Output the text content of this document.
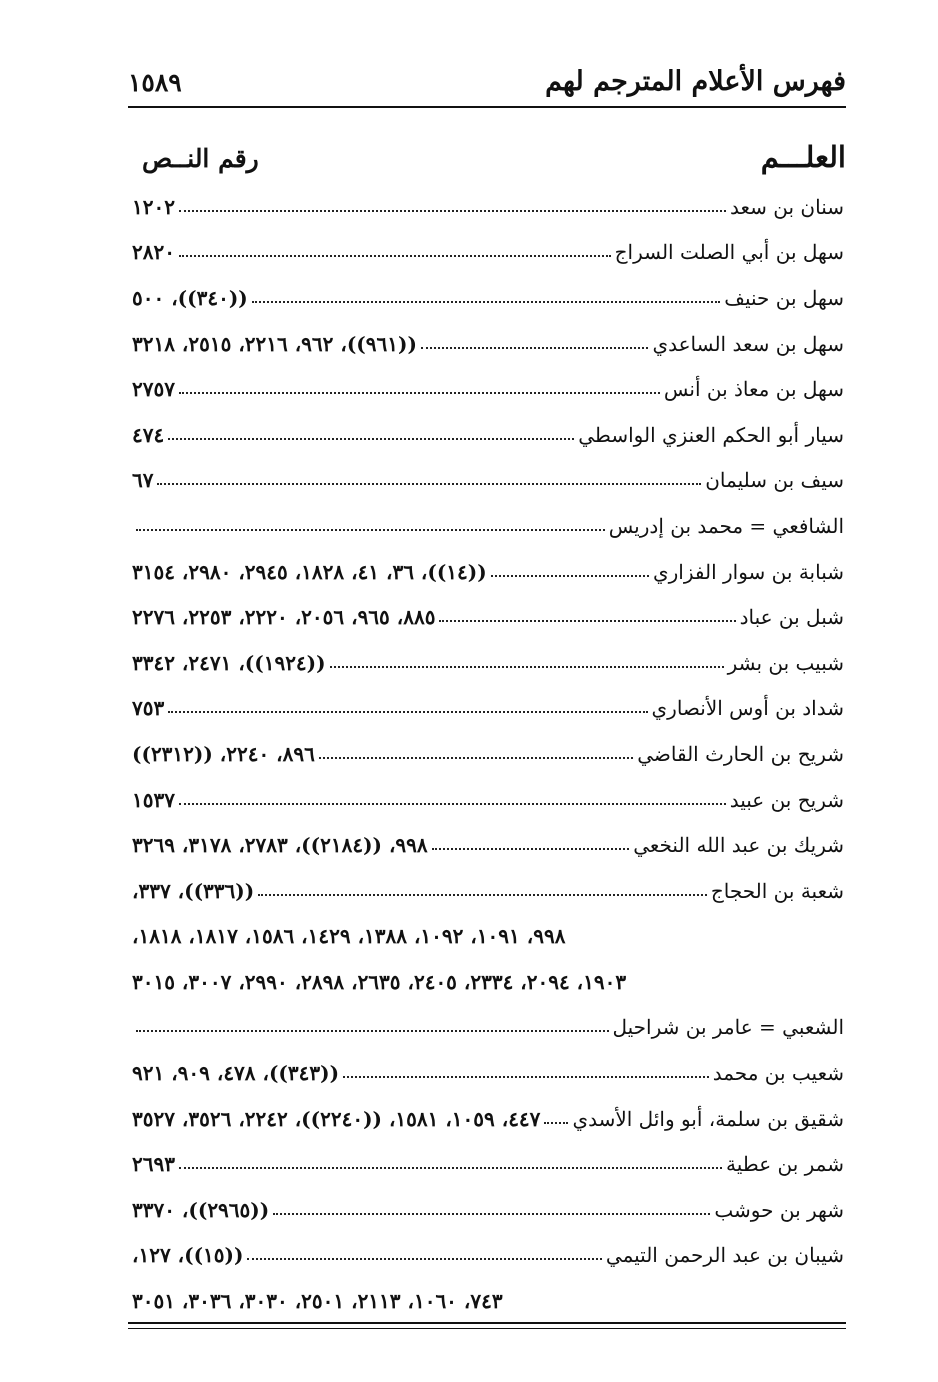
١٥٨٩	فهرس الأعلام المترجم لهم
رقم النــص	العلـــم
سنان بن سعد
١٢٠٢
سهل بن أبي الصلت السراج
٢٨٢٠
سهل بن حنيف
((٣٤٠))، ٥٠٠
سهل بن سعد الساعدي
((٩٦١))، ٩٦٢، ٢٢١٦، ٢٥١٥، ٣٢١٨
سهل بن معاذ بن أنس
٢٧٥٧
سيار أبو الحكم العنزي الواسطي
٤٧٤
سيف بن سليمان
٦٧
الشافعي = محمد بن إدريس
شبابة بن سوار الفزاري
((١٤))، ٣٦، ٤١، ١٨٢٨، ٢٩٤٥، ٢٩٨٠، ٣١٥٤
شبل بن عباد
٨٨٥، ٩٦٥، ٢٠٥٦، ٢٢٢٠، ٢٢٥٣، ٢٢٧٦
شبيب بن بشر
((١٩٢٤))، ٢٤٧١، ٣٣٤٢
شداد بن أوس الأنصاري
٧٥٣
شريح بن الحارث القاضي
٨٩٦، ٢٢٤٠، ((٢٣١٢))
شريح بن عبيد
١٥٣٧
شريك بن عبد الله النخعي
٩٩٨، ((٢١٨٤))، ٢٧٨٣، ٣١٧٨، ٣٢٦٩
شعبة بن الحجاج
((٣٣٦))، ٣٣٧،
٩٩٨، ١٠٩١، ١٠٩٢، ١٣٨٨، ١٤٢٩، ١٥٨٦، ١٨١٧، ١٨١٨،
١٩٠٣، ٢٠٩٤، ٢٣٣٤، ٢٤٠٥، ٢٦٣٥، ٢٨٩٨، ٢٩٩٠، ٣٠٠٧، ٣٠١٥
الشعبي = عامر بن شراحيل
شعيب بن محمد
((٣٤٣))، ٤٧٨، ٩٠٩، ٩٢١
شقيق بن سلمة، أبو وائل الأسدي
٤٤٧، ١٠٥٩، ١٥٨١، ((٢٢٤٠))، ٢٢٤٢، ٣٥٢٦، ٣٥٢٧
شمر بن عطية
٢٦٩٣
شهر بن حوشب
((٢٩٦٥))، ٣٣٧٠
شيبان بن عبد الرحمن التيمي
((١٥))، ١٢٧،
٧٤٣، ١٠٦٠، ٢١١٣، ٢٥٠١، ٣٠٣٠، ٣٠٣٦، ٣٠٥١
